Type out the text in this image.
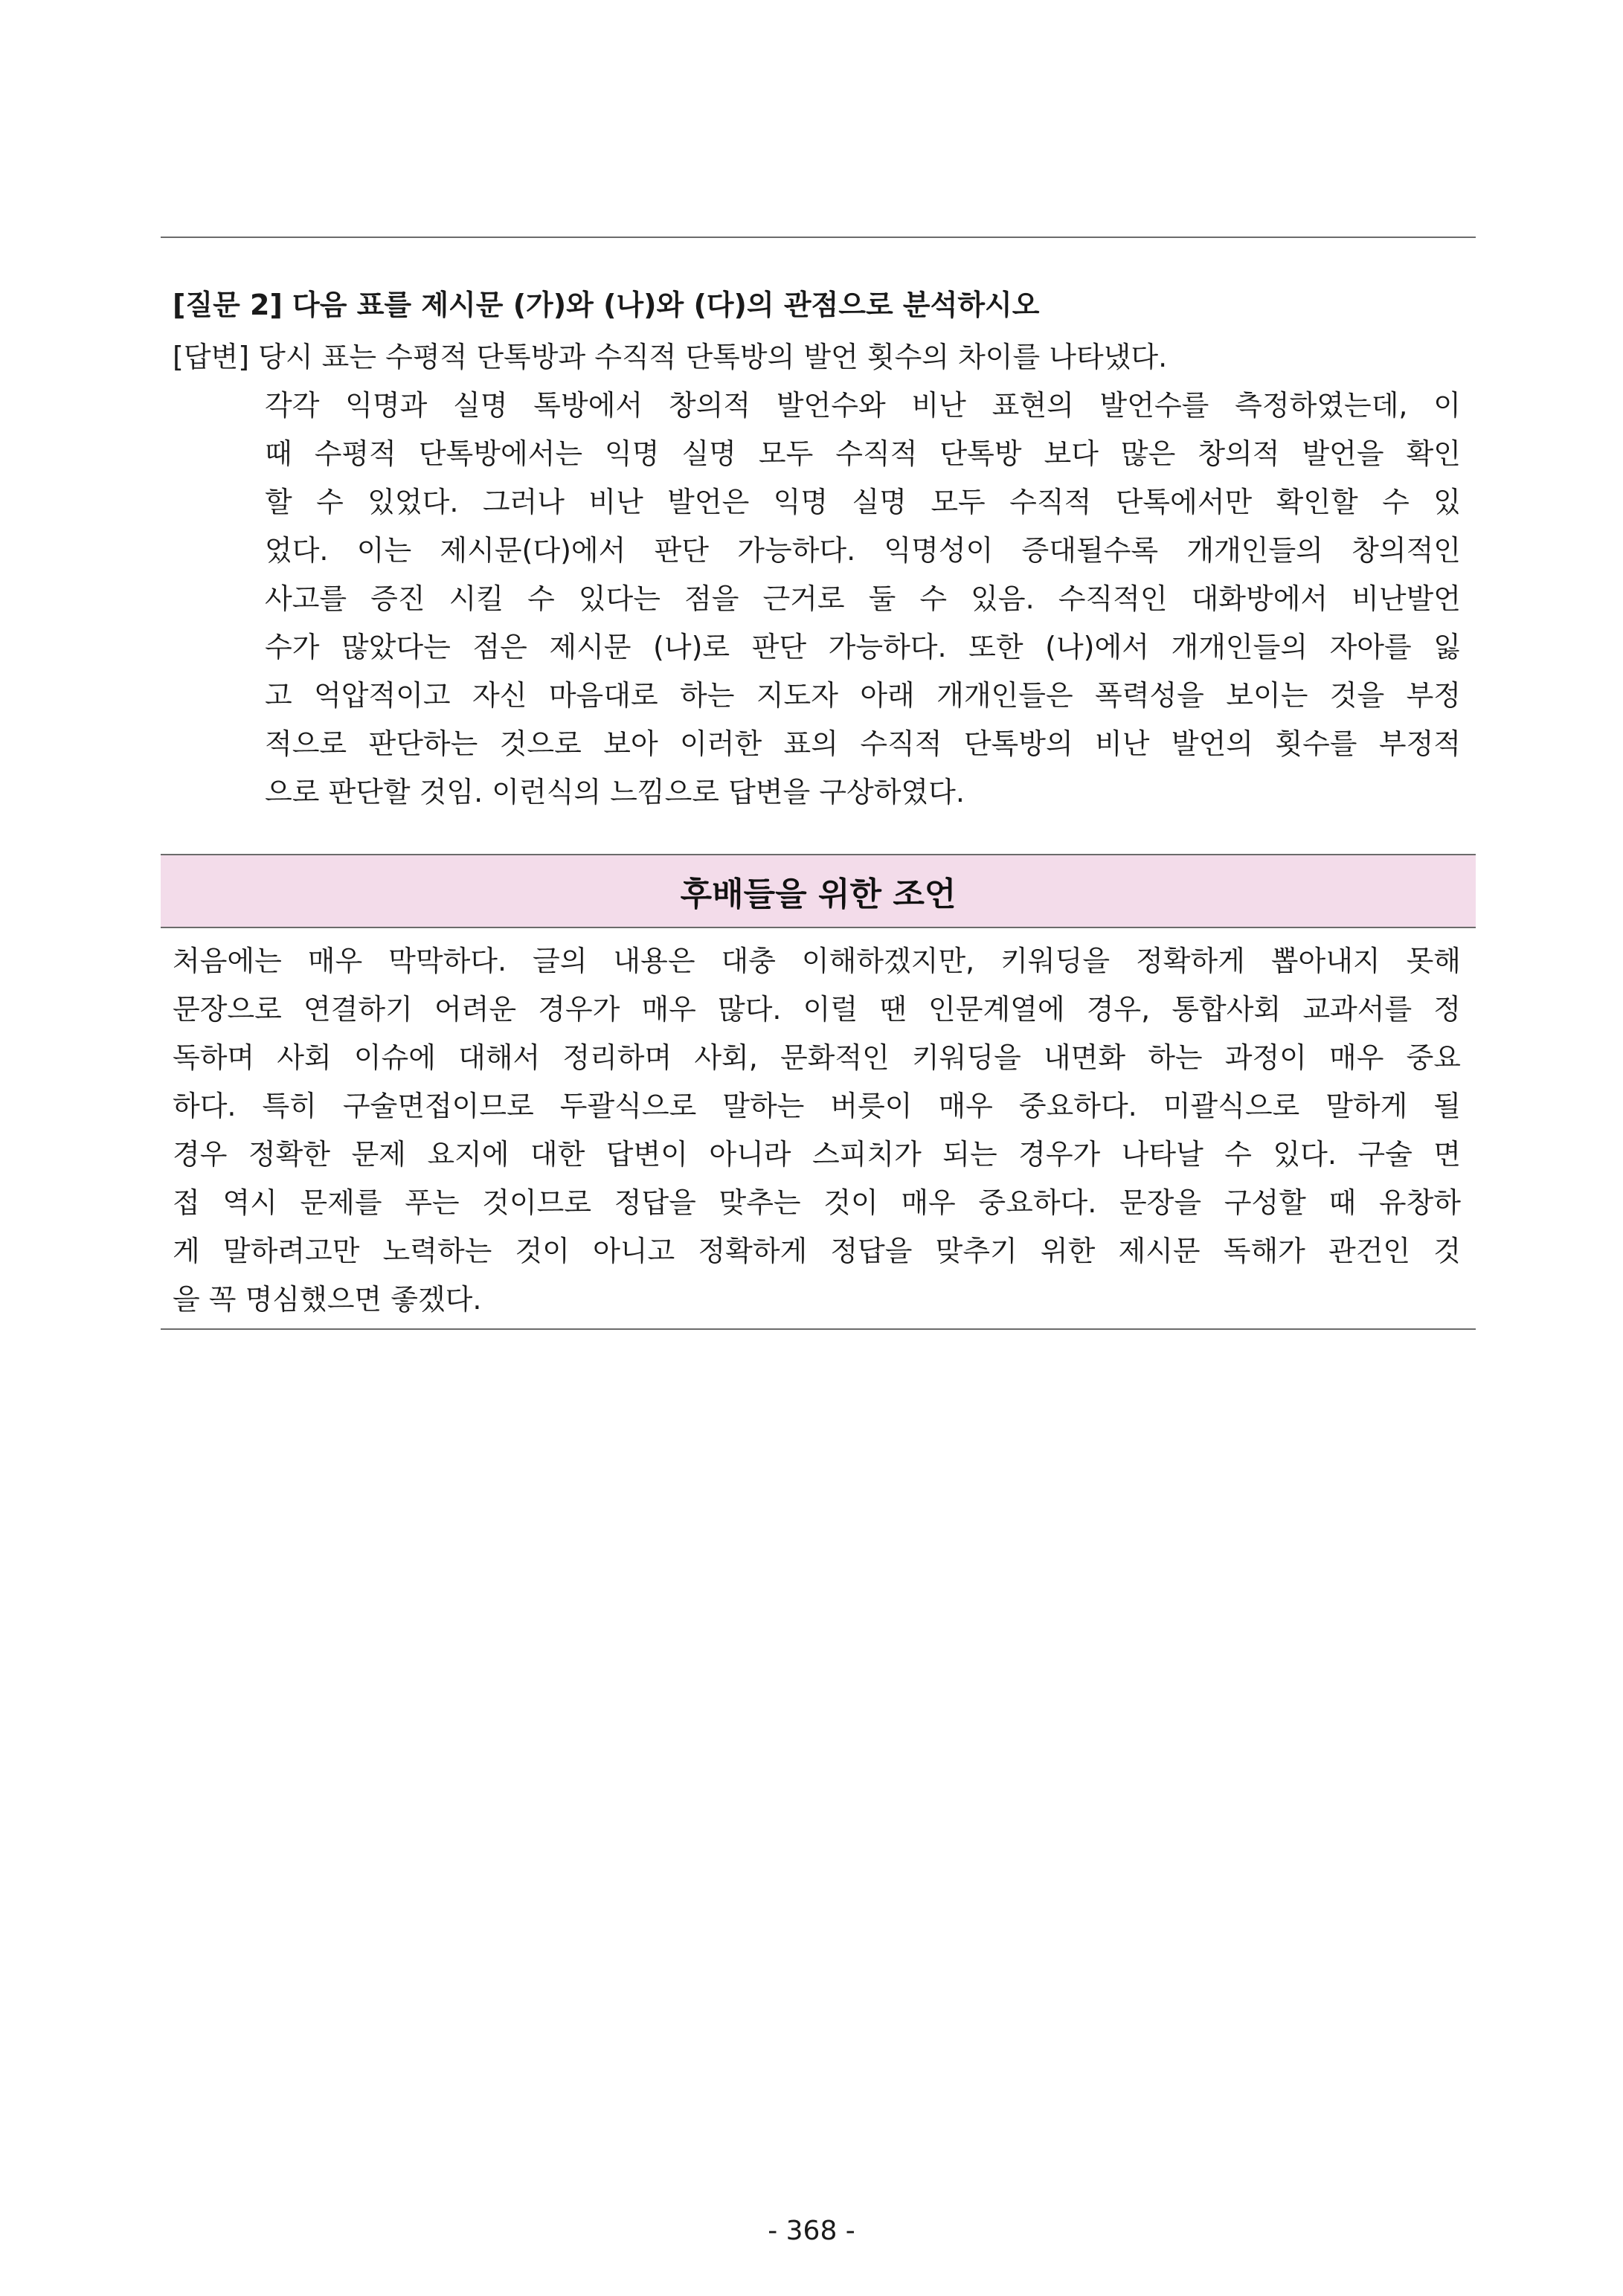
[질문 2] 다음 표를 제시문 (가)와 (나)와 (다)의 관점으로 분석하시오
[답변] 당시 표는 수평적 단톡방과 수직적 단톡방의 발언 횟수의 차이를 나타냈다.
각각 익명과 실명 톡방에서 창의적 발언수와 비난 표현의 발언수를 측정하였는데, 이
때 수평적 단톡방에서는 익명 실명 모두 수직적 단톡방 보다 많은 창의적 발언을 확인
할 수 있었다. 그러나 비난 발언은 익명 실명 모두 수직적 단톡에서만 확인할 수 있
었다. 이는 제시문(다)에서 판단 가능하다. 익명성이 증대될수록 개개인들의 창의적인
사고를 증진 시킬 수 있다는 점을 근거로 둘 수 있음. 수직적인 대화방에서 비난발언
수가 많았다는 점은 제시문 (나)로 판단 가능하다. 또한 (나)에서 개개인들의 자아를 잃
고 억압적이고 자신 마음대로 하는 지도자 아래 개개인들은 폭력성을 보이는 것을 부정
적으로 판단하는 것으로 보아 이러한 표의 수직적 단톡방의 비난 발언의 횟수를 부정적
으로 판단할 것임. 이런식의 느낌으로 답변을 구상하였다.
후배들을 위한 조언
처음에는 매우 막막하다. 글의 내용은 대충 이해하겠지만, 키워딩을 정확하게 뽑아내지 못해
문장으로 연결하기 어려운 경우가 매우 많다. 이럴 땐 인문계열에 경우, 통합사회 교과서를 정
독하며 사회 이슈에 대해서 정리하며 사회, 문화적인 키워딩을 내면화 하는 과정이 매우 중요
하다. 특히 구술면접이므로 두괄식으로 말하는 버릇이 매우 중요하다. 미괄식으로 말하게 될
경우 정확한 문제 요지에 대한 답변이 아니라 스피치가 되는 경우가 나타날 수 있다. 구술 면
접 역시 문제를 푸는 것이므로 정답을 맞추는 것이 매우 중요하다. 문장을 구성할 때 유창하
게 말하려고만 노력하는 것이 아니고 정확하게 정답을 맞추기 위한 제시문 독해가 관건인 것
을 꼭 명심했으면 좋겠다.
- 368 -
